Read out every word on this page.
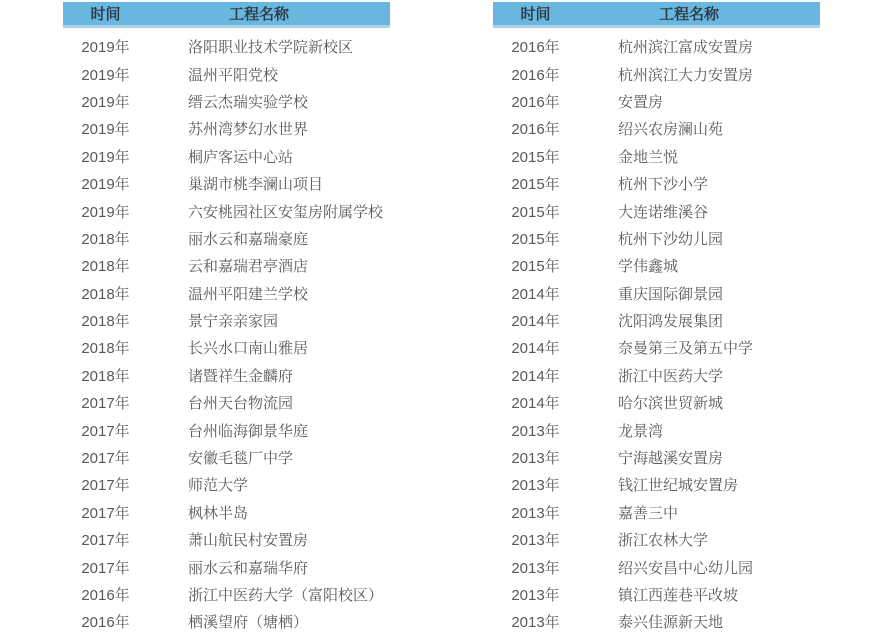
时间	工程名称
2019年	洛阳职业技术学院新校区
2019年	温州平阳党校
2019年	缙云杰瑞实验学校
2019年	苏州湾梦幻水世界
2019年	桐庐客运中心站
2019年	巢湖市桃李澜山项目
2019年	六安桃园社区安玺房附属学校
2018年	丽水云和嘉瑞豪庭
2018年	云和嘉瑞君亭酒店
2018年	温州平阳建兰学校
2018年	景宁亲亲家园
2018年	长兴水口南山雅居
2018年	诸暨祥生金麟府
2017年	台州天台物流园
2017年	台州临海御景华庭
2017年	安徽毛毯厂中学
2017年	师范大学
2017年	枫林半岛
2017年	萧山航民村安置房
2017年	丽水云和嘉瑞华府
2016年	浙江中医药大学（富阳校区）
2016年	栖溪望府（塘栖）
时间	工程名称
2016年	杭州滨江富成安置房
2016年	杭州滨江大力安置房
2016年	安置房
2016年	绍兴农房澜山苑
2015年	金地兰悦
2015年	杭州下沙小学
2015年	大连诺维溪谷
2015年	杭州下沙幼儿园
2015年	学伟鑫城
2014年	重庆国际御景园
2014年	沈阳鸿发展集团
2014年	奈曼第三及第五中学
2014年	浙江中医药大学
2014年	哈尔滨世贸新城
2013年	龙景湾
2013年	宁海越溪安置房
2013年	钱江世纪城安置房
2013年	嘉善三中
2013年	浙江农林大学
2013年	绍兴安昌中心幼儿园
2013年	镇江西莲巷平改坡
2013年	泰兴佳源新天地
